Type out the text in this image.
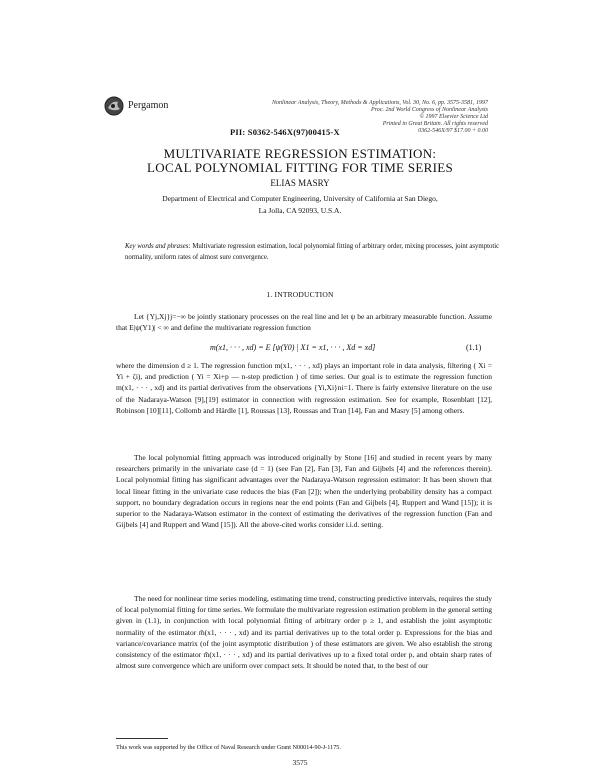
Pergamon	Nonlinear Analysis, Theory, Methods & Applications, Vol. 30, No. 6, pp. 3575-3581, 1997
Proc. 2nd World Congress of Nonlinear Analysts
© 1997 Elsevier Science Ltd
Printed in Great Britain. All rights reserved
0362-546X/97 $17.00 + 0.00
PII: S0362-546X(97)00415-X
MULTIVARIATE REGRESSION ESTIMATION:
LOCAL POLYNOMIAL FITTING FOR TIME SERIES
ELIAS MASRY
Department of Electrical and Computer Engineering, University of California at San Diego,
La Jolla, CA 92093, U.S.A.
Key words and phrases: Multivariate regression estimation, local polynomial fitting of arbitrary order, mixing processes, joint asymptotic normality, uniform rates of almost sure convergence.
1. INTRODUCTION
Let {Yj,Xj}j=−∞ be jointly stationary processes on the real line and let ψ be an arbitrary measurable function. Assume that E|ψ(Y1)| < ∞ and define the multivariate regression function
m(x1, · · · , xd) = E [ψ(Y0) | X1 = x1, · · · , Xd = xd]	(1.1)
where the dimension d ≥ 1. The regression function m(x1, · · · , xd) plays an important role in data analysis, filtering ( Xi = Yi + ζi), and prediction ( Yi = Xi+p — n-step prediction ) of time series. Our goal is to estimate the regression function m(x1, · · · , xd) and its partial derivatives from the observations {Yi,Xi}ni=1. There is fairly extensive literature on the use of the Nadaraya-Watson [9],[19] estimator in connection with regression estimation. See for example, Rosenblatt [12], Robinson [10][11], Collomb and Härdle [1], Roussas [13], Roussas and Tran [14], Fan and Masry [5] among others.
The local polynomial fitting approach was introduced originally by Stone [16] and studied in recent years by many researchers primarily in the univariate case (d = 1) (see Fan [2], Fan [3], Fan and Gijbels [4] and the references therein). Local polynomial fitting has significant advantages over the Nadaraya-Watson regression estimator: It has been shown that local linear fitting in the univariate case reduces the bias (Fan [2]); when the underlying probability density has a compact support, no boundary degradation occurs in regions near the end points (Fan and Gijbels [4], Ruppert and Wand [15]); it is superior to the Nadaraya-Watson estimator in the context of estimating the derivatives of the regression function (Fan and Gijbels [4] and Ruppert and Wand [15]). All the above-cited works consider i.i.d. setting.
The need for nonlinear time series modeling, estimating time trend, constructing predictive intervals, requires the study of local polynomial fitting for time series. We formulate the multivariate regression estimation problem in the general setting given in (1.1), in conjunction with local polynomial fitting of arbitrary order p ≥ 1, and establish the joint asymptotic normality of the estimator m̂(x1, · · · , xd) and its partial derivatives up to the total order p. Expressions for the bias and variance/covariance matrix (of the joint asymptotic distribution ) of these estimators are given. We also establish the strong consistency of the estimator m̂(x1, · · · , xd) and its partial derivatives up to a fixed total order p, and obtain sharp rates of almost sure convergence which are uniform over compact sets. It should be noted that, to the best of our
This work was supported by the Office of Naval Research under Grant N00014-90-J-1175.
3575
